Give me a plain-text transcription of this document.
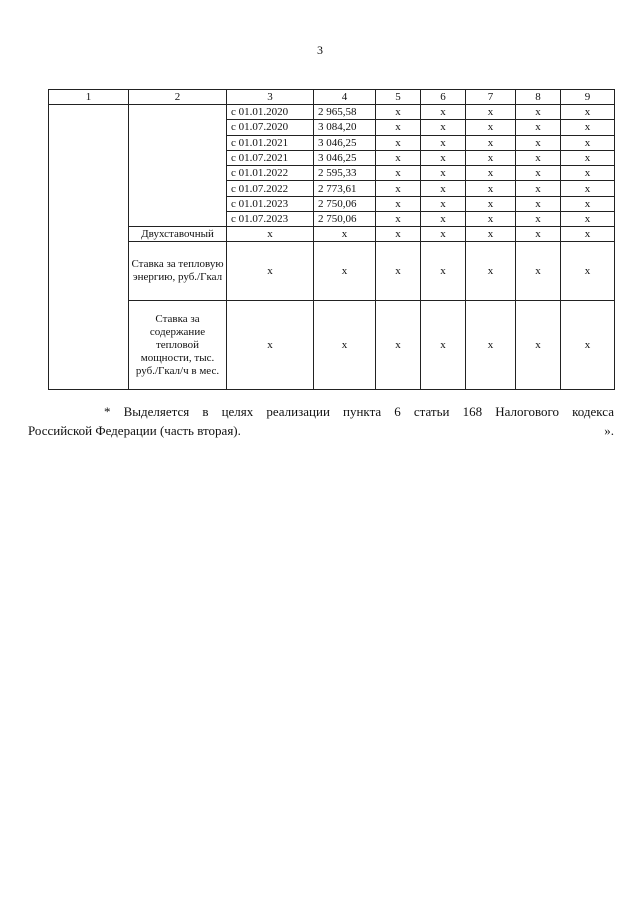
3
1	2	3	4	5	6	7	8	9
		с 01.01.2020	2 965,58	х	х	х	х	х
		с 01.07.2020	3 084,20	х	х	х	х	х
		с 01.01.2021	3 046,25	х	х	х	х	х
		с 01.07.2021	3 046,25	х	х	х	х	х
		с 01.01.2022	2 595,33	х	х	х	х	х
		с 01.07.2022	2 773,61	х	х	х	х	х
		с 01.01.2023	2 750,06	х	х	х	х	х
		с 01.07.2023	2 750,06	х	х	х	х	х
	Двухставочный	х	х	х	х	х	х	х
	Ставка за тепловую энергию, руб./Гкал	х	х	х	х	х	х	х
	Ставка за содержание тепловой мощности, тыс. руб./Гкал/ч в мес.	х	х	х	х	х	х	х
* Выделяется в целях реализации пункта 6 статьи 168 Налогового кодекса
Российской Федерации (часть вторая).	».
